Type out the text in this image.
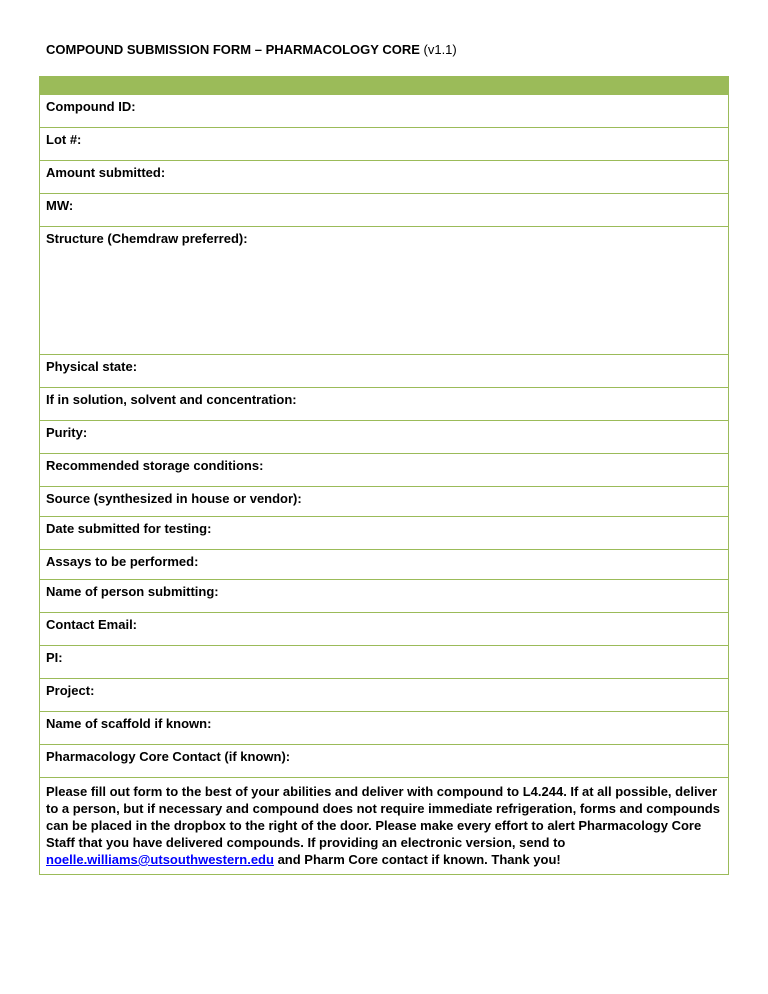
COMPOUND SUBMISSION FORM – PHARMACOLOGY CORE (v1.1)
Compound ID:
Lot #:
Amount submitted:
MW:
Structure (Chemdraw preferred):
Physical state:
If in solution, solvent and concentration:
Purity:
Recommended storage conditions:
Source (synthesized in house or vendor):
Date submitted for testing:
Assays to be performed:
Name of person submitting:
Contact Email:
PI:
Project:
Name of scaffold if known:
Pharmacology Core Contact (if known):
Please fill out form to the best of your abilities and deliver with compound to L4.244. If at all possible, deliver to a person, but if necessary and compound does not require immediate refrigeration, forms and compounds can be placed in the dropbox to the right of the door. Please make every effort to alert Pharmacology Core Staff that you have delivered compounds. If providing an electronic version, send to noelle.williams@utsouthwestern.edu and Pharm Core contact if known. Thank you!
